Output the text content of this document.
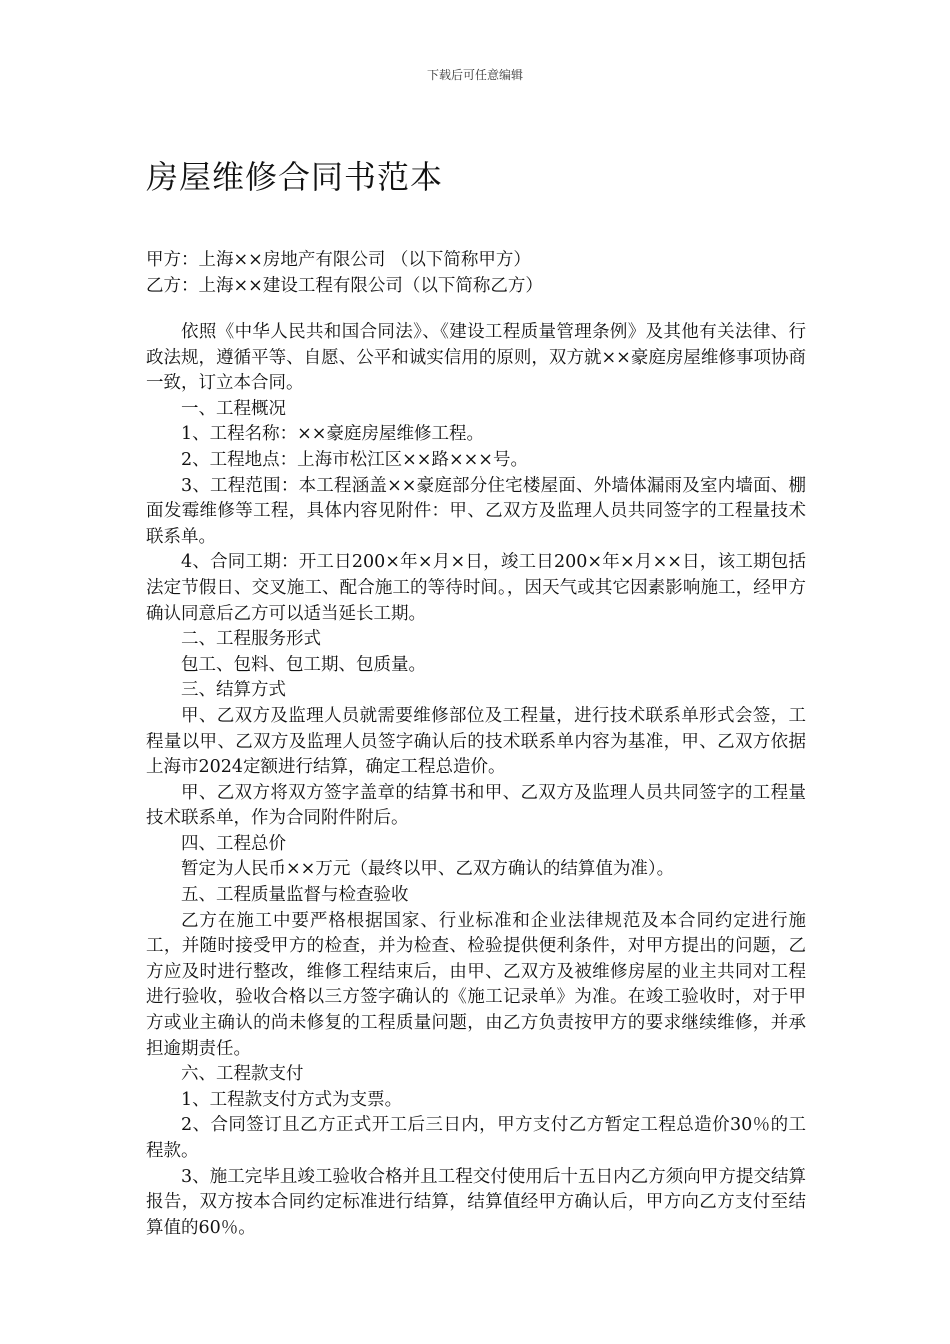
下载后可任意编辑
房屋维修合同书范本
甲方：上海××房地产有限公司 （以下简称甲方）
乙方：上海××建设工程有限公司（以下简称乙方）

依照《中华人民共和国合同法》、《建设工程质量管理条例》及其他有关法律、行政法规，遵循平等、自愿、公平和诚实信用的原则，双方就××豪庭房屋维修事项协商一致，订立本合同。

一、工程概况

1、工程名称：××豪庭房屋维修工程。

2、工程地点：上海市松江区××路×××号。

3、工程范围：本工程涵盖××豪庭部分住宅楼屋面、外墙体漏雨及室内墙面、棚面发霉维修等工程，具体内容见附件：甲、乙双方及监理人员共同签字的工程量技术联系单。

4、合同工期：开工日200×年×月×日，竣工日200×年×月××日，该工期包括法定节假日、交叉施工、配合施工的等待时间。，因天气或其它因素影响施工，经甲方确认同意后乙方可以适当延长工期。

二、工程服务形式

包工、包料、包工期、包质量。

三、结算方式

甲、乙双方及监理人员就需要维修部位及工程量，进行技术联系单形式会签，工程量以甲、乙双方及监理人员签字确认后的技术联系单内容为基准，甲、乙双方依据上海市2024定额进行结算，确定工程总造价。

甲、乙双方将双方签字盖章的结算书和甲、乙双方及监理人员共同签字的工程量技术联系单，作为合同附件附后。

四、工程总价

暂定为人民币××万元（最终以甲、乙双方确认的结算值为准）。

五、工程质量监督与检查验收

乙方在施工中要严格根据国家、行业标准和企业法律规范及本合同约定进行施工，并随时接受甲方的检查，并为检查、检验提供便利条件，对甲方提出的问题，乙方应及时进行整改，维修工程结束后，由甲、乙双方及被维修房屋的业主共同对工程进行验收，验收合格以三方签字确认的《施工记录单》为准。在竣工验收时，对于甲方或业主确认的尚未修复的工程质量问题，由乙方负责按甲方的要求继续维修，并承担逾期责任。

六、工程款支付

1、工程款支付方式为支票。

2、合同签订且乙方正式开工后三日内，甲方支付乙方暂定工程总造价30％的工程款。

3、施工完毕且竣工验收合格并且工程交付使用后十五日内乙方须向甲方提交结算报告，双方按本合同约定标准进行结算，结算值经甲方确认后，甲方向乙方支付至结算值的60％。
